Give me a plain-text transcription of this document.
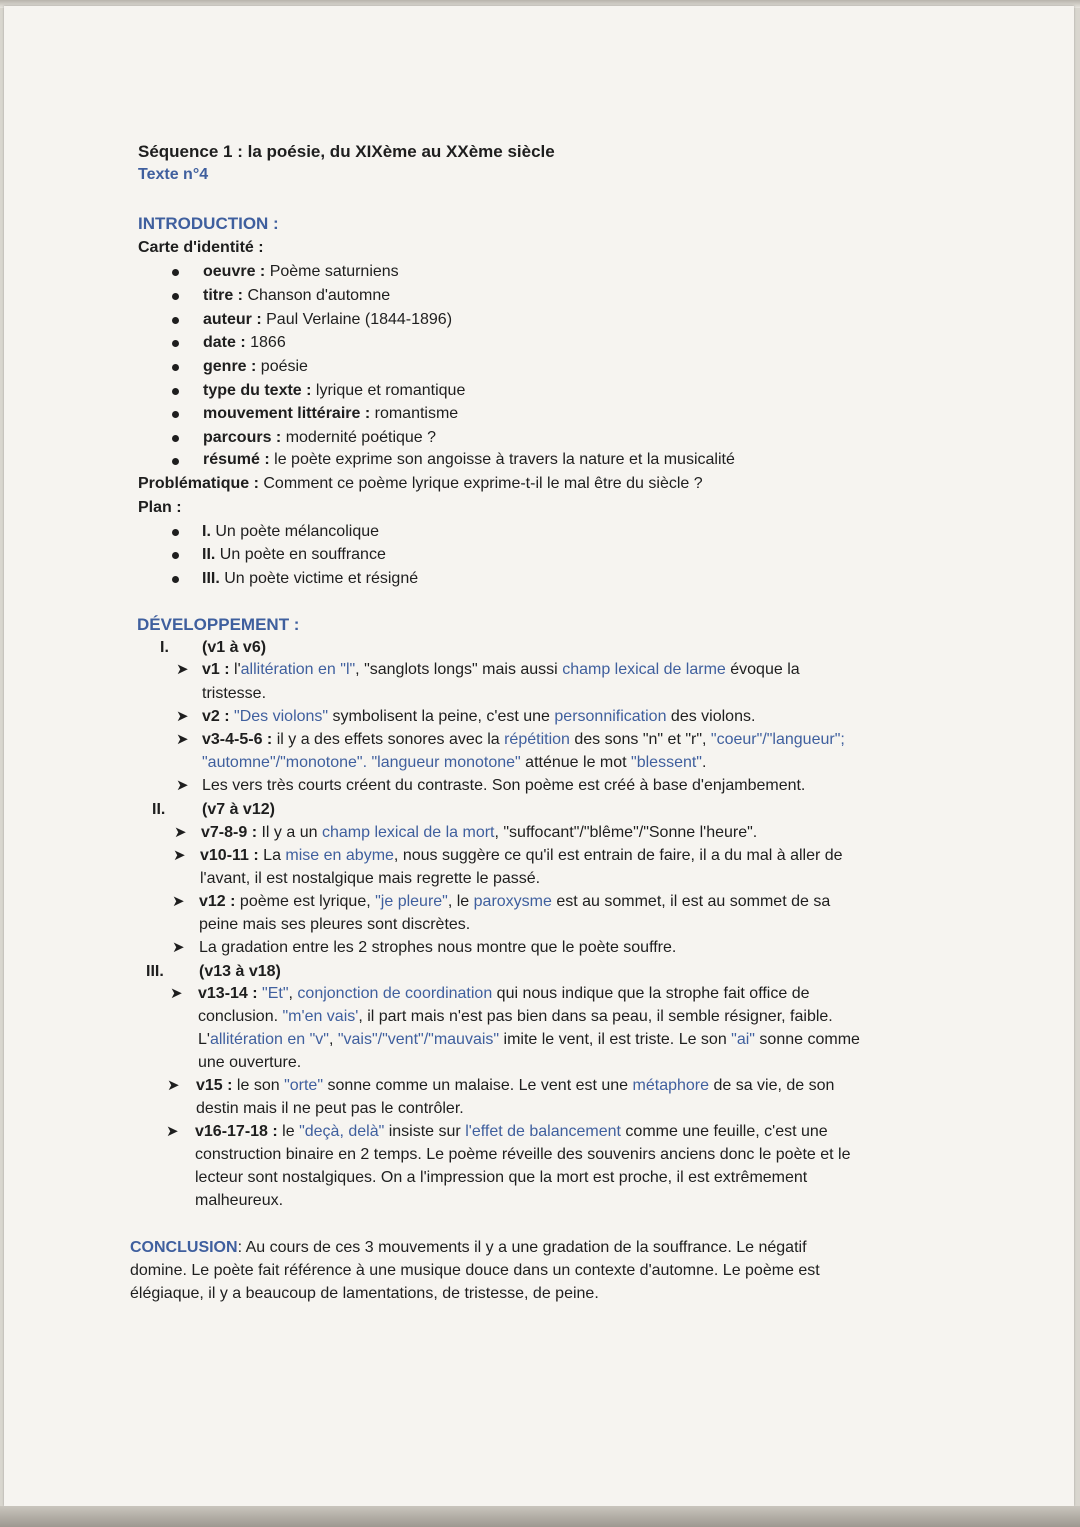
Séquence 1 : la poésie, du XIXème au XXème siècle
Texte n°4
INTRODUCTION :
Carte d'identité :
oeuvre : Poème saturniens
titre : Chanson d'automne
auteur : Paul Verlaine (1844-1896)
date : 1866
genre : poésie
type du texte : lyrique et romantique
mouvement littéraire : romantisme
parcours : modernité poétique ?
résumé : le poète exprime son angoisse à travers la nature et la musicalité
Problématique : Comment ce poème lyrique exprime-t-il le mal être du siècle ?
Plan :
I. Un poète mélancolique
II. Un poète en souffrance
III. Un poète victime et résigné
DÉVELOPPEMENT :
I. (v1 à v6)
➤ v1 : l'allitération en "l", "sanglots longs" mais aussi champ lexical de larme évoque la
tristesse.
➤ v2 : "Des violons" symbolisent la peine, c'est une personnification des violons.
➤ v3-4-5-6 : il y a des effets sonores avec la répétition des sons "n" et "r", "coeur"/"langueur";
"automne"/"monotone". "langueur monotone" atténue le mot "blessent".
➤ Les vers très courts créent du contraste. Son poème est créé à base d'enjambement.
II. (v7 à v12)
➤ v7-8-9 : Il y a un champ lexical de la mort, "suffocant"/"blême"/"Sonne l'heure".
➤ v10-11 : La mise en abyme, nous suggère ce qu'il est entrain de faire, il a du mal à aller de
l'avant, il est nostalgique mais regrette le passé.
➤ v12 : poème est lyrique, "je pleure", le paroxysme est au sommet, il est au sommet de sa
peine mais ses pleures sont discrètes.
➤ La gradation entre les 2 strophes nous montre que le poète souffre.
III. (v13 à v18)
➤ v13-14 : "Et", conjonction de coordination qui nous indique que la strophe fait office de
conclusion. "m'en vais', il part mais n'est pas bien dans sa peau, il semble résigner, faible.
L'allitération en "v", "vais"/"vent"/"mauvais" imite le vent, il est triste. Le son "ai" sonne comme
une ouverture.
➤ v15 : le son "orte" sonne comme un malaise. Le vent est une métaphore de sa vie, de son
destin mais il ne peut pas le contrôler.
➤ v16-17-18 : le "deçà, delà" insiste sur l'effet de balancement comme une feuille, c'est une
construction binaire en 2 temps. Le poème réveille des souvenirs anciens donc le poète et le
lecteur sont nostalgiques. On a l'impression que la mort est proche, il est extrêmement
malheureux.
CONCLUSION: Au cours de ces 3 mouvements il y a une gradation de la souffrance. Le négatif
domine. Le poète fait référence à une musique douce dans un contexte d'automne. Le poème est
élégiaque, il y a beaucoup de lamentations, de tristesse, de peine.
